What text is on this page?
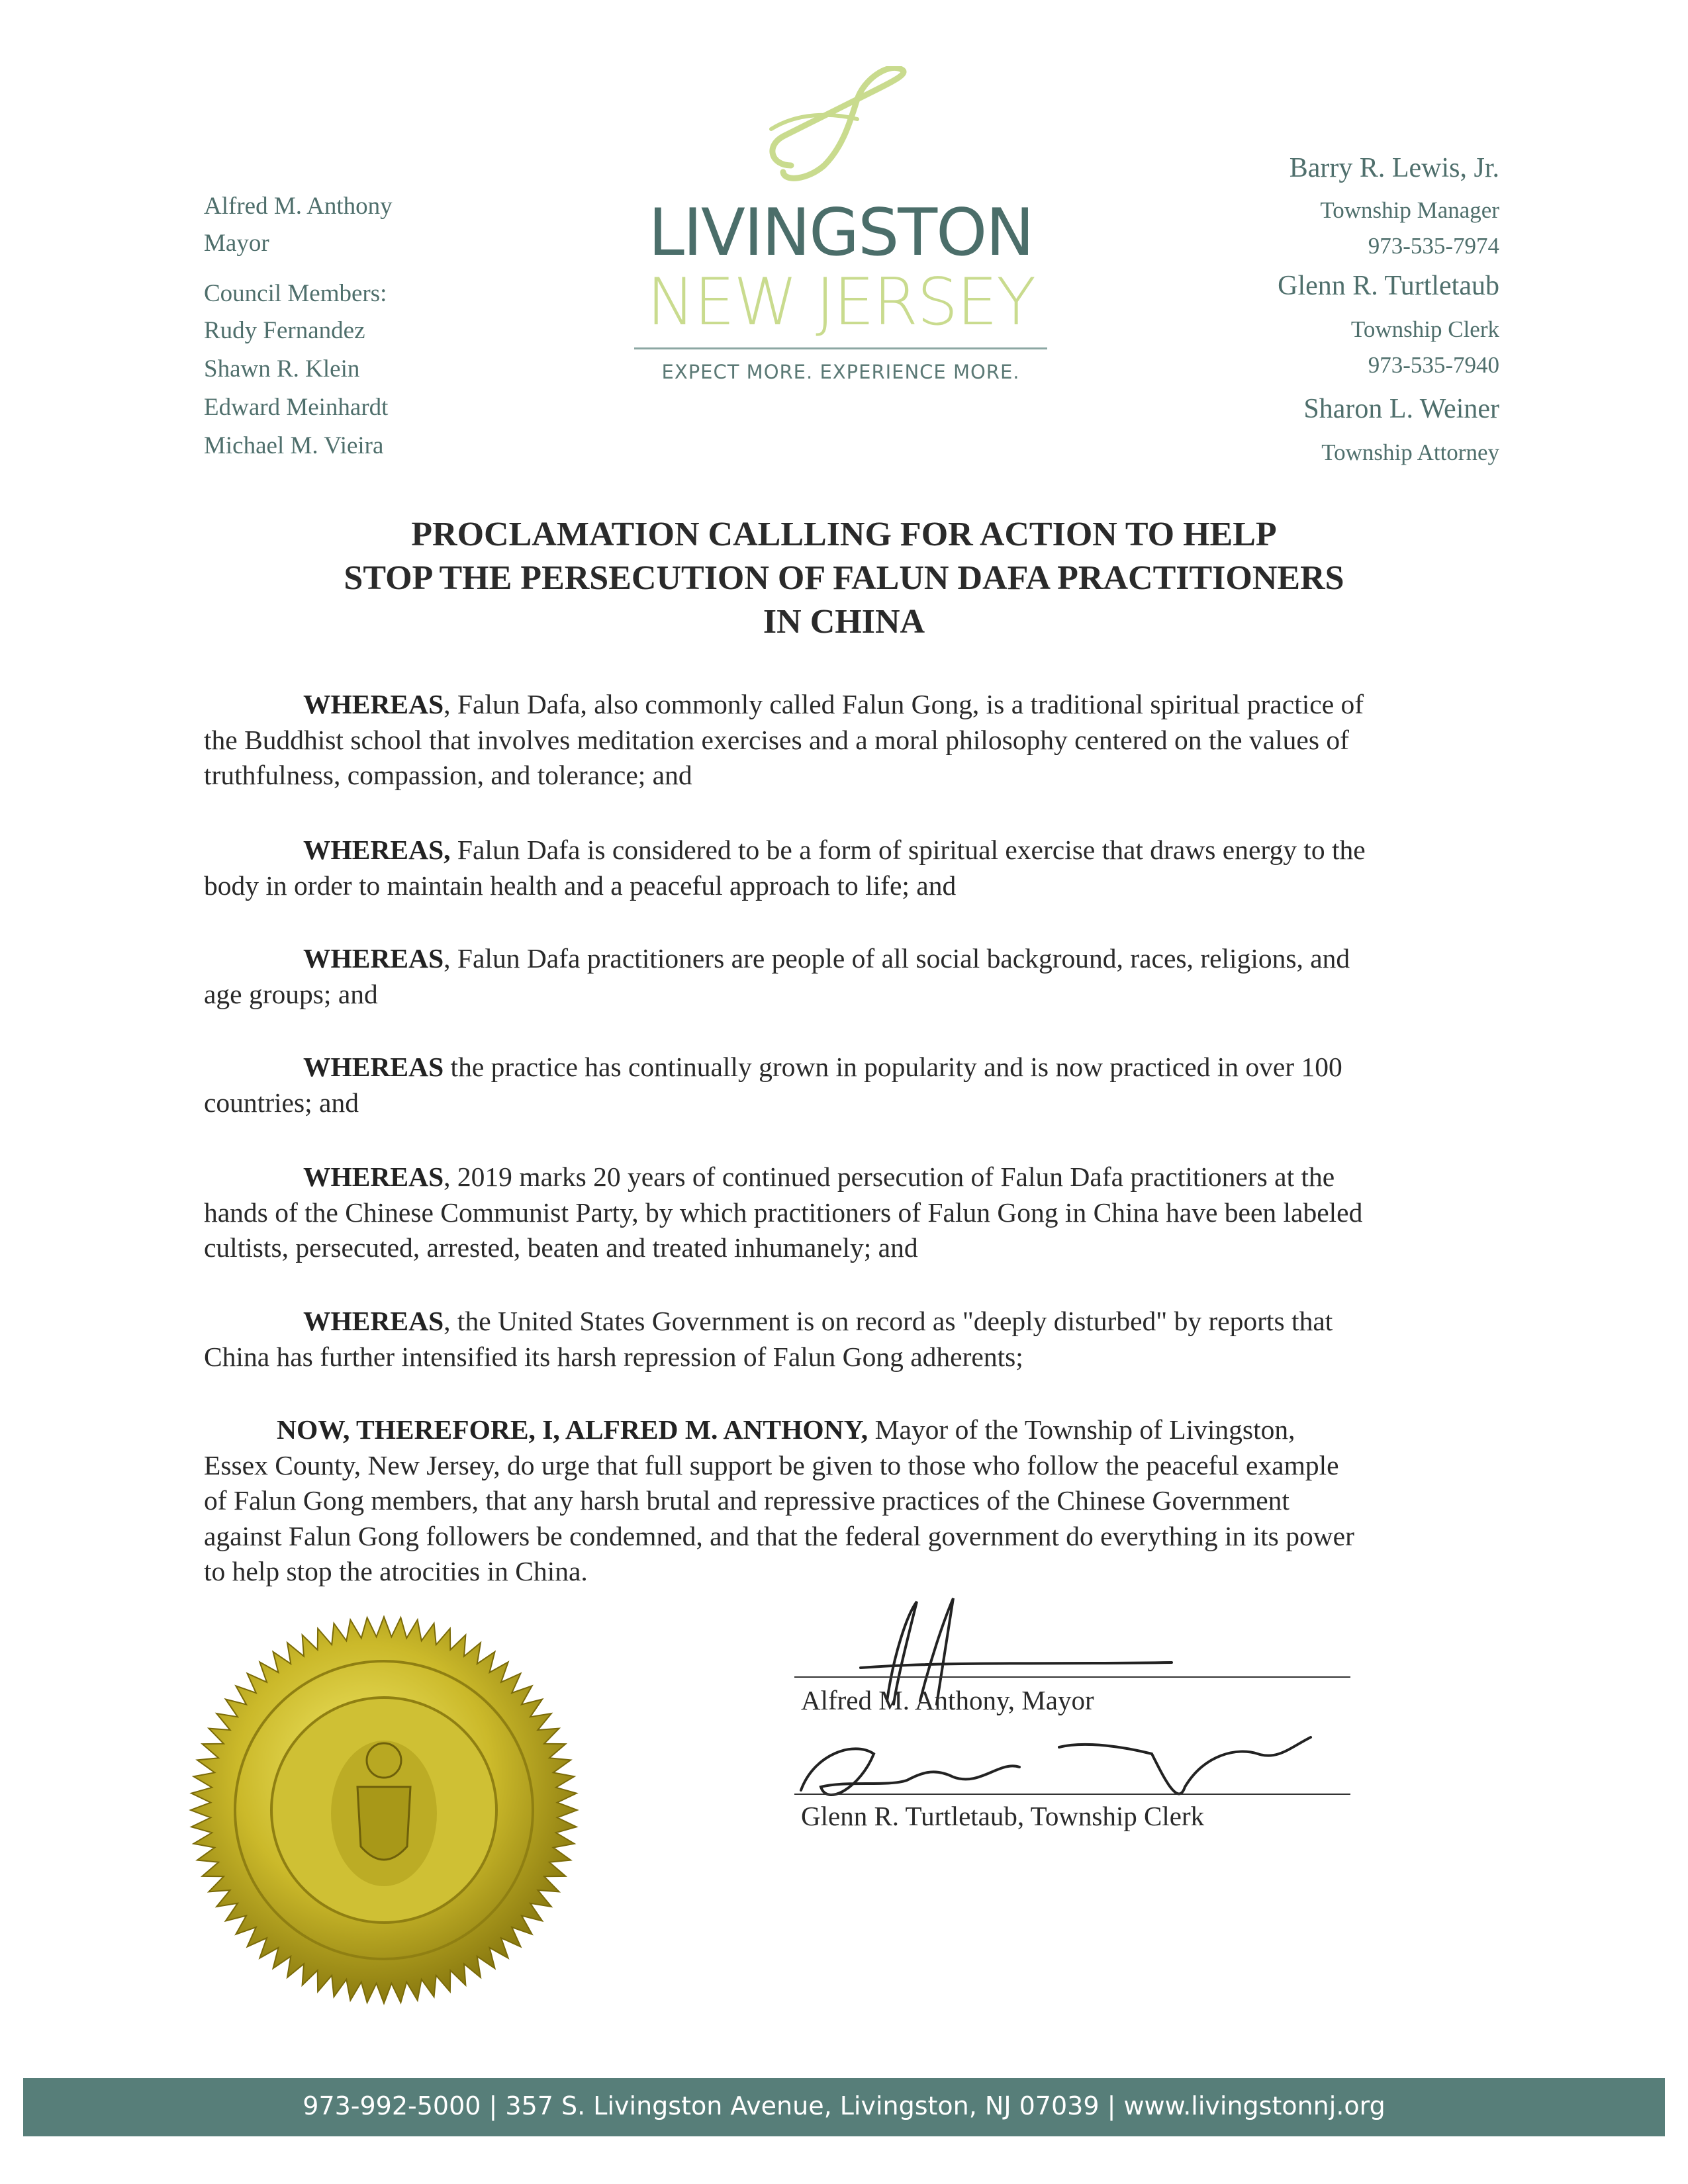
Alfred M. Anthony
Mayor
Council Members:
Rudy Fernandez
Shawn R. Klein
Edward Meinhardt
Michael M. Vieira
LIVINGSTON
NEW JERSEY
EXPECT MORE. EXPERIENCE MORE.
Barry R. Lewis, Jr.
Township Manager
973-535-7974
Glenn R. Turtletaub
Township Clerk
973-535-7940
Sharon L. Weiner
Township Attorney
PROCLAMATION CALLLING FOR ACTION TO HELP
STOP THE PERSECUTION OF FALUN DAFA PRACTITIONERS
IN CHINA
WHEREAS, Falun Dafa, also commonly called Falun Gong, is a traditional spiritual practice of
the Buddhist school that involves meditation exercises and a moral philosophy centered on the values of
truthfulness, compassion, and tolerance; and
WHEREAS, Falun Dafa is considered to be a form of spiritual exercise that draws energy to the
body in order to maintain health and a peaceful approach to life; and
WHEREAS, Falun Dafa practitioners are people of all social background, races, religions, and
age groups; and
WHEREAS the practice has continually grown in popularity and is now practiced in over 100
countries; and
WHEREAS, 2019 marks 20 years of continued persecution of Falun Dafa practitioners at the
hands of the Chinese Communist Party, by which practitioners of Falun Gong in China have been labeled
cultists, persecuted, arrested, beaten and treated inhumanely; and
WHEREAS, the United States Government is on record as "deeply disturbed" by reports that
China has further intensified its harsh repression of Falun Gong adherents;
NOW, THEREFORE, I, ALFRED M. ANTHONY, Mayor of the Township of Livingston,
Essex County, New Jersey, do urge that full support be given to those who follow the peaceful example
of Falun Gong members, that any harsh brutal and repressive practices of the Chinese Government
against Falun Gong followers be condemned, and that the federal government do everything in its power
to help stop the atrocities in China.
Alfred M. Anthony, Mayor
Glenn R. Turtletaub, Township Clerk
973-992-5000 | 357 S. Livingston Avenue, Livingston, NJ 07039 | www.livingstonnj.org
